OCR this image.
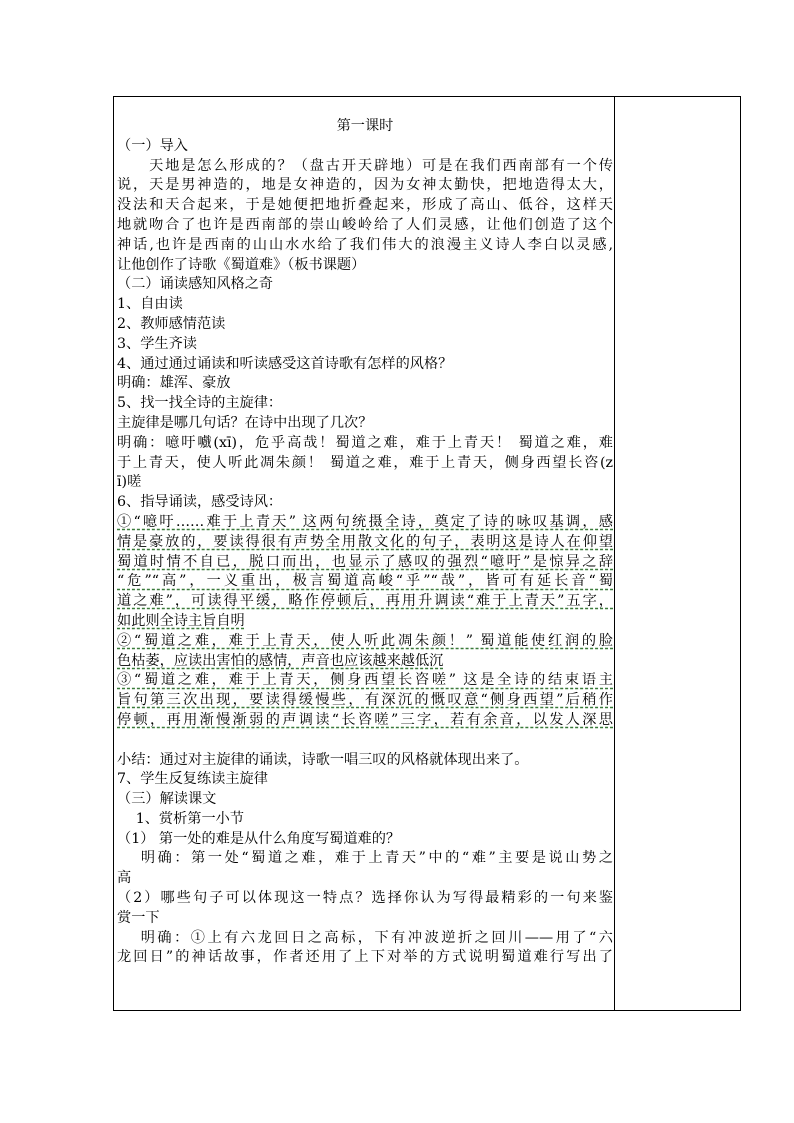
第一课时
（一）导入
　　天地是怎么形成的？（盘古开天辟地）可是在我们西南部有一个传
说，天是男神造的，地是女神造的，因为女神太勤快，把地造得太大，
没法和天合起来，于是她便把地折叠起来，形成了高山、低谷，这样天
地就吻合了也许是西南部的崇山峻岭给了人们灵感，让他们创造了这个
神话,也许是西南的山山水水给了我们伟大的浪漫主义诗人李白以灵感,
让他创作了诗歌《蜀道难》（板书课题）
（二）诵读感知风格之奇
1、自由读
2、教师感情范读
3、学生齐读
4、通过通过诵读和听读感受这首诗歌有怎样的风格？
明确：雄浑、豪放
5、找一找全诗的主旋律：
主旋律是哪几句话？在诗中出现了几次？
明确：噫吁嚱(xī)，危乎高哉！蜀道之难，难于上青天！ 蜀道之难，难
于上青天，使人听此凋朱颜！ 蜀道之难，难于上青天，侧身西望长咨(z
ī)嗟
6、指导诵读，感受诗风：
①“噫吁……难于上青天” 这两句统摄全诗，奠定了诗的咏叹基调，感
情是豪放的，要读得很有声势全用散文化的句子，表明这是诗人在仰望
蜀道时情不自已，脱口而出，也显示了感叹的强烈“噫吁”是惊异之辞
“危”“高”，一义重出，极言蜀道高峻“乎”“哉”，皆可有延长音“蜀
道之难”，可读得平缓，略作停顿后，再用升调读“难于上青天”五字，
如此则全诗主旨自明
②“蜀道之难，难于上青天，使人听此凋朱颜！” 蜀道能使红润的脸
色枯萎，应读出害怕的感情，声音也应该越来越低沉
③“蜀道之难，难于上青天，侧身西望长咨嗟” 这是全诗的结束语主
旨句第三次出现，要读得缓慢些，有深沉的慨叹意“侧身西望”后稍作
停顿，再用渐慢渐弱的声调读“长咨嗟”三字，若有余音，以发人深思
小结：通过对主旋律的诵读，诗歌一唱三叹的风格就体现出来了。
7、学生反复练读主旋律
（三）解读课文
　 1、赏析第一小节
（1） 第一处的难是从什么角度写蜀道难的？
　 明确：第一处“蜀道之难，难于上青天”中的“难”主要是说山势之
高
（2）哪些句子可以体现这一特点？选择你认为写得最精彩的一句来鉴
赏一下
　 明确：①上有六龙回日之高标，下有冲波逆折之回川——用了“六
龙回日”的神话故事，作者还用了上下对举的方式说明蜀道难行写出了
